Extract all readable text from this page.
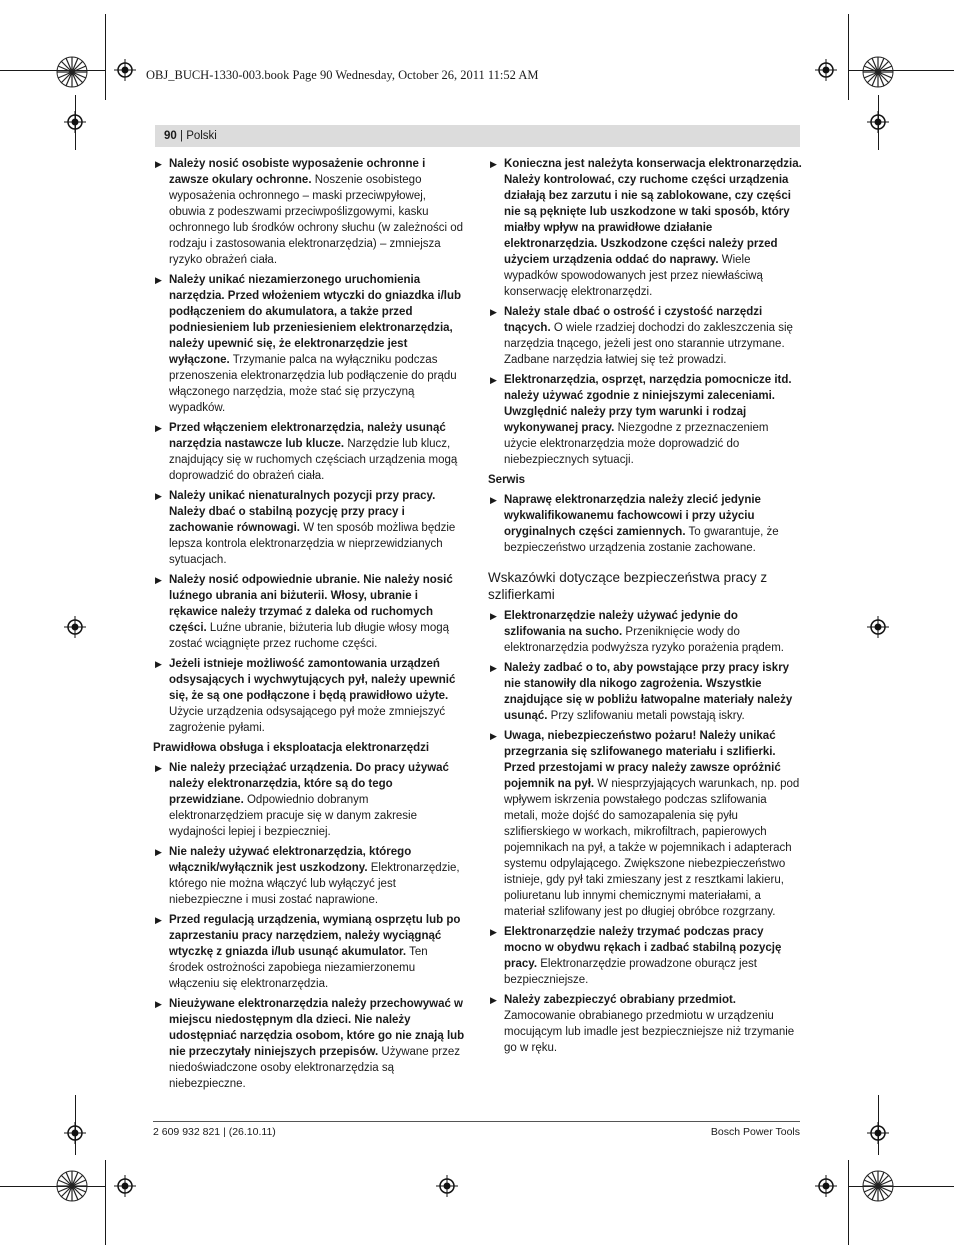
OBJ_BUCH-1330-003.book Page 90 Wednesday, October 26, 2011 11:52 AM
90 | Polski
▶ Należy nosić osobiste wyposażenie ochronne i zawsze okulary ochronne. Noszenie osobistego wyposażenia ochronnego – maski przeciwpyłowej, obuwia z podeszwami przeciwpoślizgowymi, kasku ochronnego lub środków ochrony słuchu (w zależności od rodzaju i zastosowania elektronarzędzia) – zmniejsza ryzyko obrażeń ciała.
▶ Należy unikać niezamierzonego uruchomienia narzędzia. Przed włożeniem wtyczki do gniazdka i/lub podłączeniem do akumulatora, a także przed podniesieniem lub przeniesieniem elektronarzędzia, należy upewnić się, że elektronarzędzie jest wyłączone. Trzymanie palca na wyłączniku podczas przenoszenia elektronarzędzia lub podłączenie do prądu włączonego narzędzia, może stać się przyczyną wypadków.
▶ Przed włączeniem elektronarzędzia, należy usunąć narzędzia nastawcze lub klucze. Narzędzie lub klucz, znajdujący się w ruchomych częściach urządzenia mogą doprowadzić do obrażeń ciała.
▶ Należy unikać nienaturalnych pozycji przy pracy. Należy dbać o stabilną pozycję przy pracy i zachowanie równowagi. W ten sposób możliwa będzie lepsza kontrola elektronarzędzia w nieprzewidzianych sytuacjach.
▶ Należy nosić odpowiednie ubranie. Nie należy nosić luźnego ubrania ani biżuterii. Włosy, ubranie i rękawice należy trzymać z daleka od ruchomych części. Luźne ubranie, biżuteria lub długie włosy mogą zostać wciągnięte przez ruchome części.
▶ Jeżeli istnieje możliwość zamontowania urządzeń odsysających i wychwytujących pył, należy upewnić się, że są one podłączone i będą prawidłowo użyte. Użycie urządzenia odsysającego pył może zmniejszyć zagrożenie pyłami.
Prawidłowa obsługa i eksploatacja elektronarzędzi
▶ Nie należy przeciążać urządzenia. Do pracy używać należy elektronarzędzia, które są do tego przewidziane. Odpowiednio dobranym elektronarzędziem pracuje się w danym zakresie wydajności lepiej i bezpieczniej.
▶ Nie należy używać elektronarzędzia, którego włącznik/wyłącznik jest uszkodzony. Elektronarzędzie, którego nie można włączyć lub wyłączyć jest niebezpieczne i musi zostać naprawione.
▶ Przed regulacją urządzenia, wymianą osprzętu lub po zaprzestaniu pracy narzędziem, należy wyciągnąć wtyczkę z gniazda i/lub usunąć akumulator. Ten środek ostrożności zapobiega niezamierzonemu włączeniu się elektronarzędzia.
▶ Nieużywane elektronarzędzia należy przechowywać w miejscu niedostępnym dla dzieci. Nie należy udostępniać narzędzia osobom, które go nie znają lub nie przeczytały niniejszych przepisów. Używane przez niedoświadczone osoby elektronarzędzia są niebezpieczne.
▶ Konieczna jest należyta konserwacja elektronarzędzia. Należy kontrolować, czy ruchome części urządzenia działają bez zarzutu i nie są zablokowane, czy części nie są pęknięte lub uszkodzone w taki sposób, który miałby wpływ na prawidłowe działanie elektronarzędzia. Uszkodzone części należy przed użyciem urządzenia oddać do naprawy. Wiele wypadków spowodowanych jest przez niewłaściwą konserwację elektronarzędzi.
▶ Należy stale dbać o ostrość i czystość narzędzi tnących. O wiele rzadziej dochodzi do zakleszczenia się narzędzia tnącego, jeżeli jest ono starannie utrzymane. Zadbane narzędzia łatwiej się też prowadzi.
▶ Elektronarzędzia, osprzęt, narzędzia pomocnicze itd. należy używać zgodnie z niniejszymi zaleceniami. Uwzględnić należy przy tym warunki i rodzaj wykonywanej pracy. Niezgodne z przeznaczeniem użycie elektronarzędzia może doprowadzić do niebezpiecznych sytuacji.
Serwis
▶ Naprawę elektronarzędzia należy zlecić jedynie wykwalifikowanemu fachowcowi i przy użyciu oryginalnych części zamiennych. To gwarantuje, że bezpieczeństwo urządzenia zostanie zachowane.
Wskazówki dotyczące bezpieczeństwa pracy z szlifierkami
▶ Elektronarzędzie należy używać jedynie do szlifowania na sucho. Przeniknięcie wody do elektronarzędzia podwyższa ryzyko porażenia prądem.
▶ Należy zadbać o to, aby powstające przy pracy iskry nie stanowiły dla nikogo zagrożenia. Wszystkie znajdujące się w pobliżu łatwopalne materiały należy usunąć. Przy szlifowaniu metali powstają iskry.
▶ Uwaga, niebezpieczeństwo pożaru! Należy unikać przegrzania się szlifowanego materiału i szlifierki. Przed przestojami w pracy należy zawsze opróżnić pojemnik na pył. W niesprzyjających warunkach, np. pod wpływem iskrzenia powstałego podczas szlifowania metali, może dojść do samozapalenia się pyłu szlifierskiego w workach, mikrofiltrach, papierowych pojemnikach na pył, a także w pojemnikach i adapterach systemu odpylającego. Zwiększone niebezpieczeństwo istnieje, gdy pył taki zmieszany jest z resztkami lakieru, poliuretanu lub innymi chemicznymi materiałami, a materiał szlifowany jest po długiej obróbce rozgrzany.
▶ Elektronarzędzie należy trzymać podczas pracy mocno w obydwu rękach i zadbać stabilną pozycję pracy. Elektronarzędzie prowadzone oburącz jest bezpieczniejsze.
▶ Należy zabezpieczyć obrabiany przedmiot. Zamocowanie obrabianego przedmiotu w urządzeniu mocującym lub imadle jest bezpieczniejsze niż trzymanie go w ręku.
2 609 932 821 | (26.10.11)	Bosch Power Tools
